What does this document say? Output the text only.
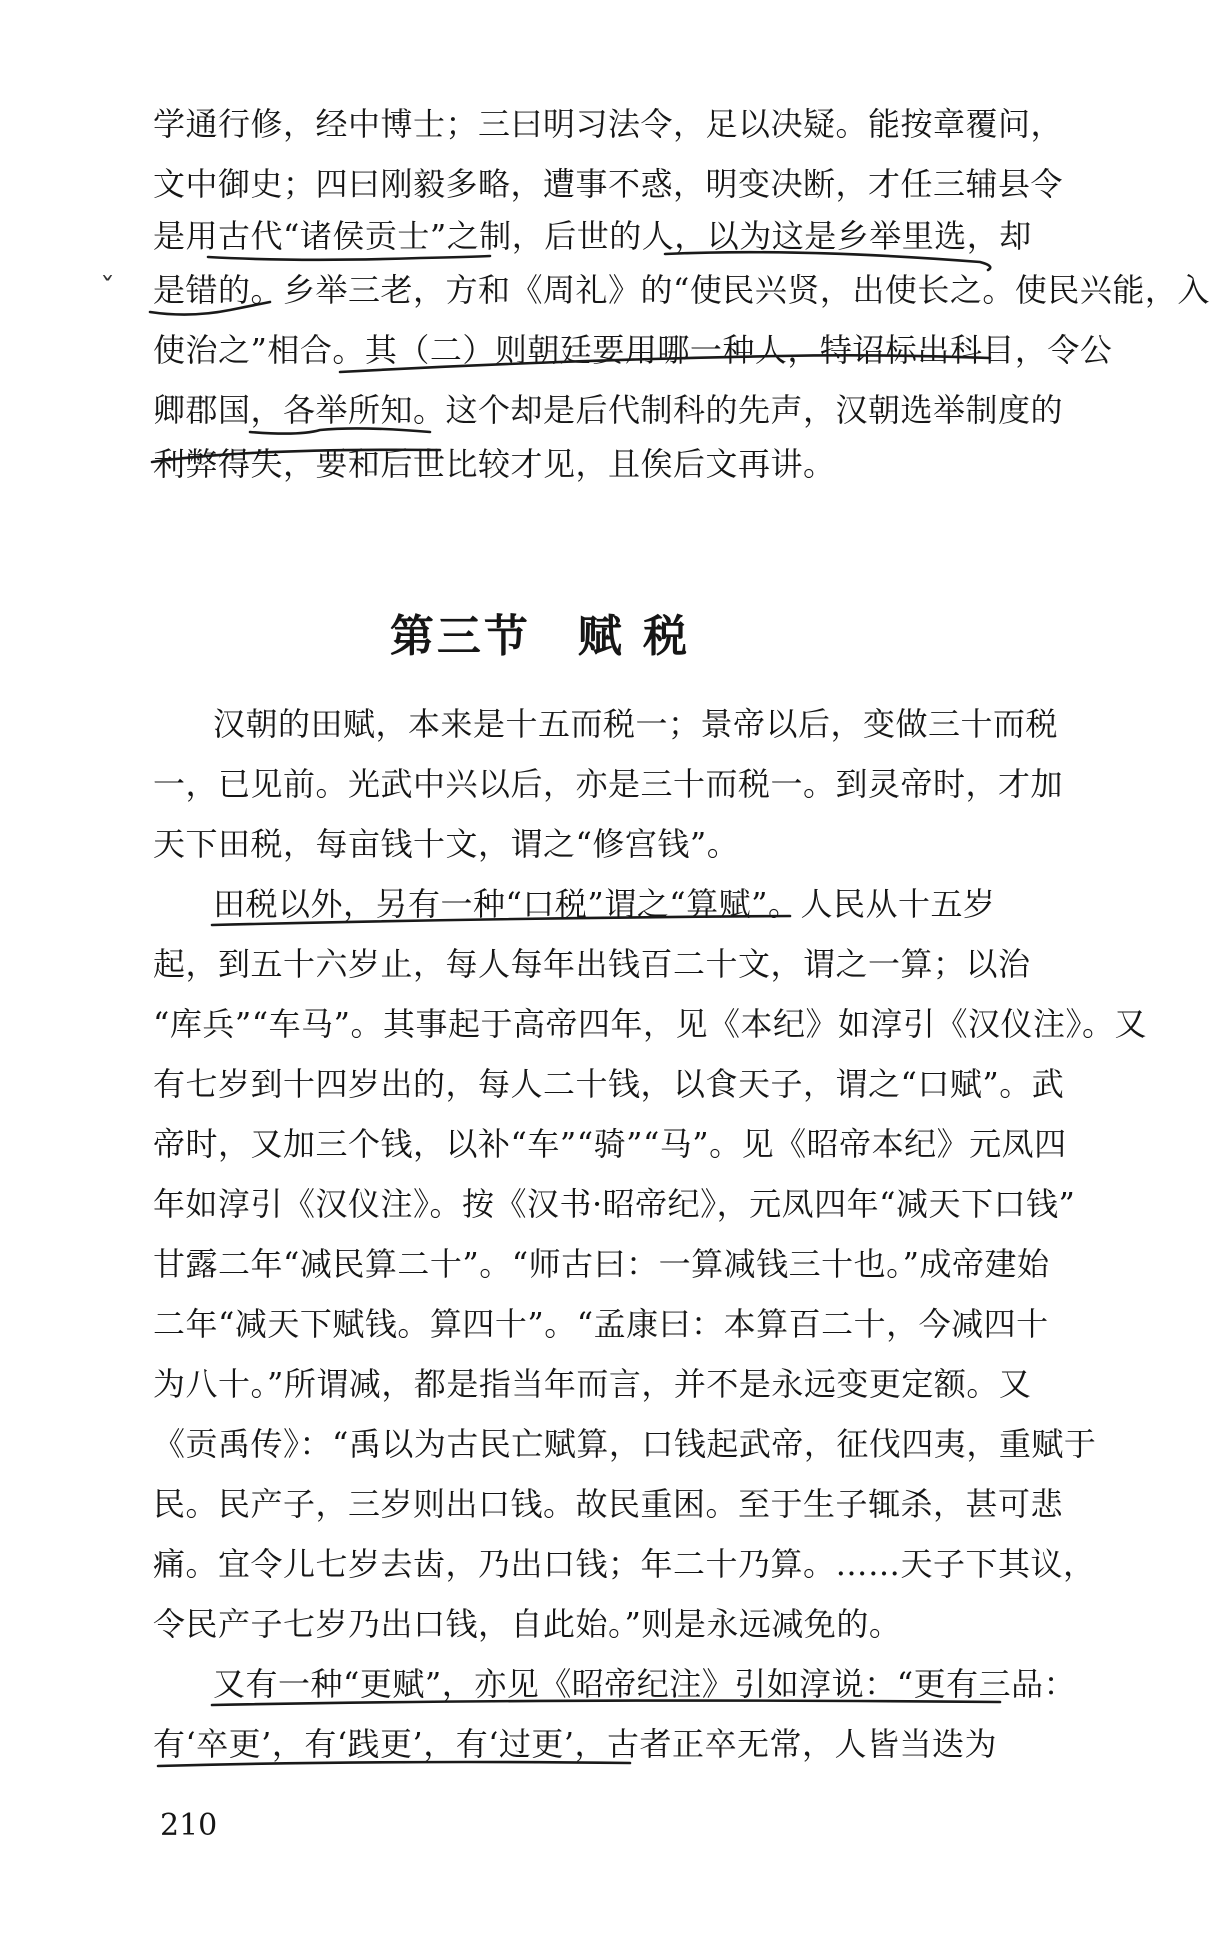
学通行修，经中博士；三曰明习法令，足以决疑。能按章覆问，
文中御史；四曰刚毅多略，遭事不惑，明变决断，才任三辅县令
是用古代“诸侯贡士”之制，后世的人，以为这是乡举里选，却
是错的。乡举三老，方和《周礼》的“使民兴贤，出使长之。使民兴能，入
使治之”相合。其（二）则朝廷要用哪一种人，特诏标出科目，令公
卿郡国，各举所知。这个却是后代制科的先声，汉朝选举制度的
利弊得失，要和后世比较才见，且俟后文再讲。
ˇ
第三节　赋 税
汉朝的田赋，本来是十五而税一；景帝以后，变做三十而税
一，已见前。光武中兴以后，亦是三十而税一。到灵帝时，才加
天下田税，每亩钱十文，谓之“修宫钱”。
田税以外，另有一种“口税”谓之“算赋”。人民从十五岁
起，到五十六岁止，每人每年出钱百二十文，谓之一算；以治
“库兵”“车马”。其事起于高帝四年，见《本纪》如淳引《汉仪注》。又
有七岁到十四岁出的，每人二十钱，以食天子，谓之“口赋”。武
帝时，又加三个钱，以补“车”“骑”“马”。见《昭帝本纪》元凤四
年如淳引《汉仪注》。按《汉书·昭帝纪》，元凤四年“减天下口钱”
甘露二年“减民算二十”。“师古曰：一算减钱三十也。”成帝建始
二年“减天下赋钱。算四十”。“孟康曰：本算百二十，今减四十
为八十。”所谓减，都是指当年而言，并不是永远变更定额。又
《贡禹传》：“禹以为古民亡赋算，口钱起武帝，征伐四夷，重赋于
民。民产子，三岁则出口钱。故民重困。至于生子辄杀，甚可悲
痛。宜令儿七岁去齿，乃出口钱；年二十乃算。……天子下其议，
令民产子七岁乃出口钱，自此始。”则是永远减免的。
又有一种“更赋”，亦见《昭帝纪注》引如淳说：“更有三品：
有‘卒更’，有‘践更’，有‘过更’，古者正卒无常，人皆当迭为
210
